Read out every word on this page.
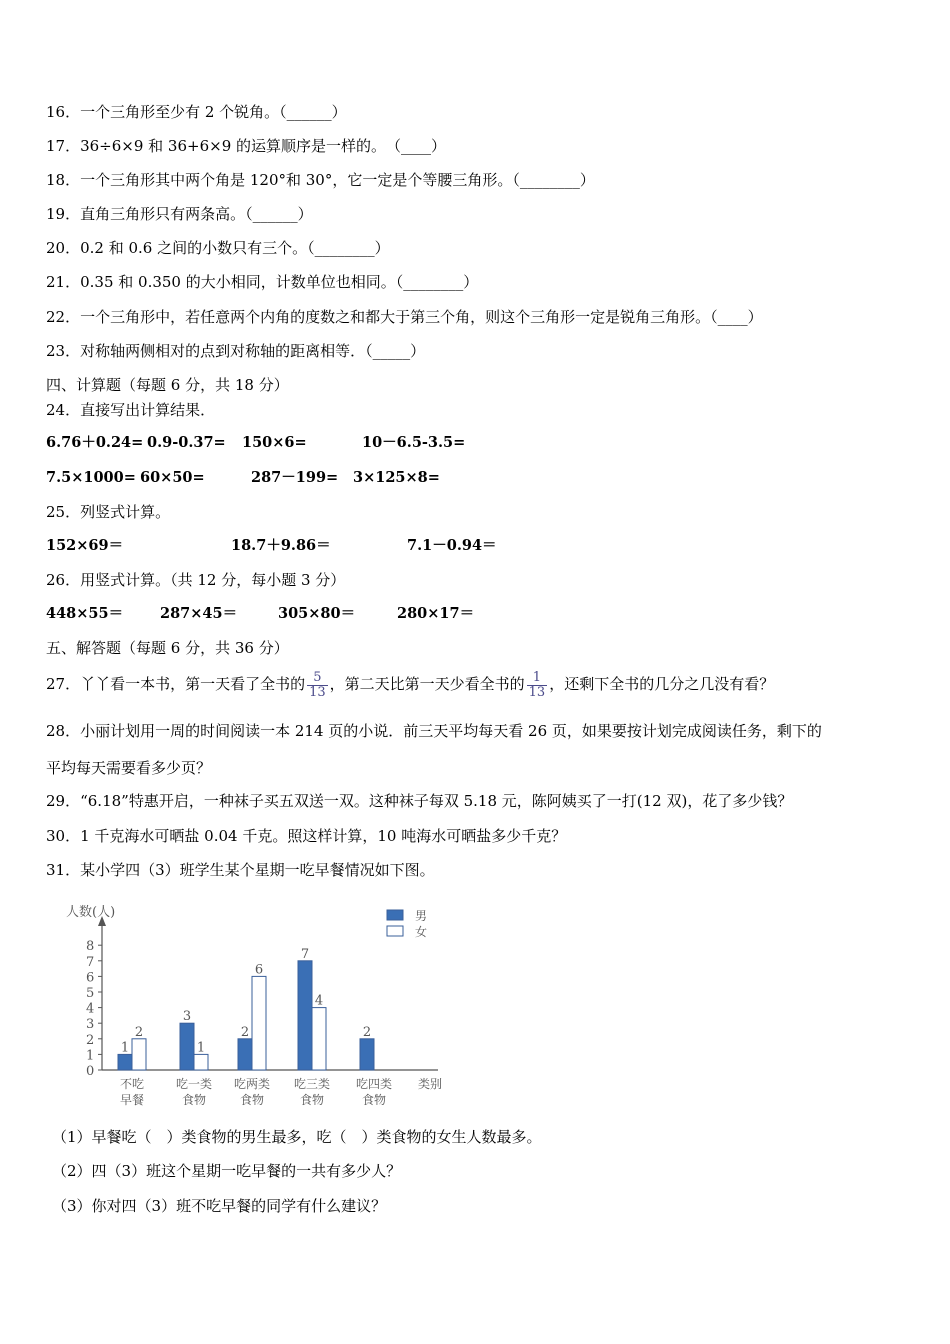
16．一个三角形至少有 2 个锐角。（______）
17．36÷6×9 和 36+6×9 的运算顺序是一样的。　（____）
18．一个三角形其中两个角是 120°和 30°，它一定是个等腰三角形。（________）
19．直角三角形只有两条高。（______）
20．0.2 和 0.6 之间的小数只有三个。（________）
21．0.35 和 0.350 的大小相同，计数单位也相同。（________）
22．一个三角形中，若任意两个内角的度数之和都大于第三个角，则这个三角形一定是锐角三角形。（____）
23．对称轴两侧相对的点到对称轴的距离相等．（_____）
四、计算题（每题 6 分，共 18 分）
24．直接写出计算结果．
6.76＋0.24= 0.9-0.37= 150×6=	10－6.5-3.5=
7.5×1000= 60×50=	287－199= 3×125×8=
25．列竖式计算。
152×69＝	18.7＋9.86＝	7.1－0.94＝
26．用竖式计算。（共 12 分，每小题 3 分）
448×55＝	287×45＝	305×80＝	280×17＝
五、解答题（每题 6 分，共 36 分）
27．丫丫看一本书，第一天看了全书的 $\frac{5}{13}$ ，第二天比第一天少看全书的 $\frac{1}{13}$ ，还剩下全书的几分之几没有看？
28．小丽计划用一周的时间阅读一本 214 页的小说．前三天平均每天看 26 页，如果要按计划完成阅读任务，剩下的
平均每天需要看多少页？
29．“6.18”特惠开启，一种袜子买五双送一双。这种袜子每双 5.18 元，陈阿姨买了一打(12 双)，花了多少钱？
30．1 千克海水可晒盐 0.04 千克。照这样计算，10 吨海水可晒盐多少千克？
31．某小学四（3）班学生某个星期一吃早餐情况如下图。
人数(人)
0
1
2
3
4
5
6
7
8
1
2
不吃
早餐
3
1
吃一类
食物
2
6
吃两类
食物
7
4
吃三类
食物
2
吃四类
食物
类别
男
女
（1）早餐吃（　）类食物的男生最多，吃（　）类食物的女生人数最多。
（2）四（3）班这个星期一吃早餐的一共有多少人？
（3）你对四（3）班不吃早餐的同学有什么建议？
